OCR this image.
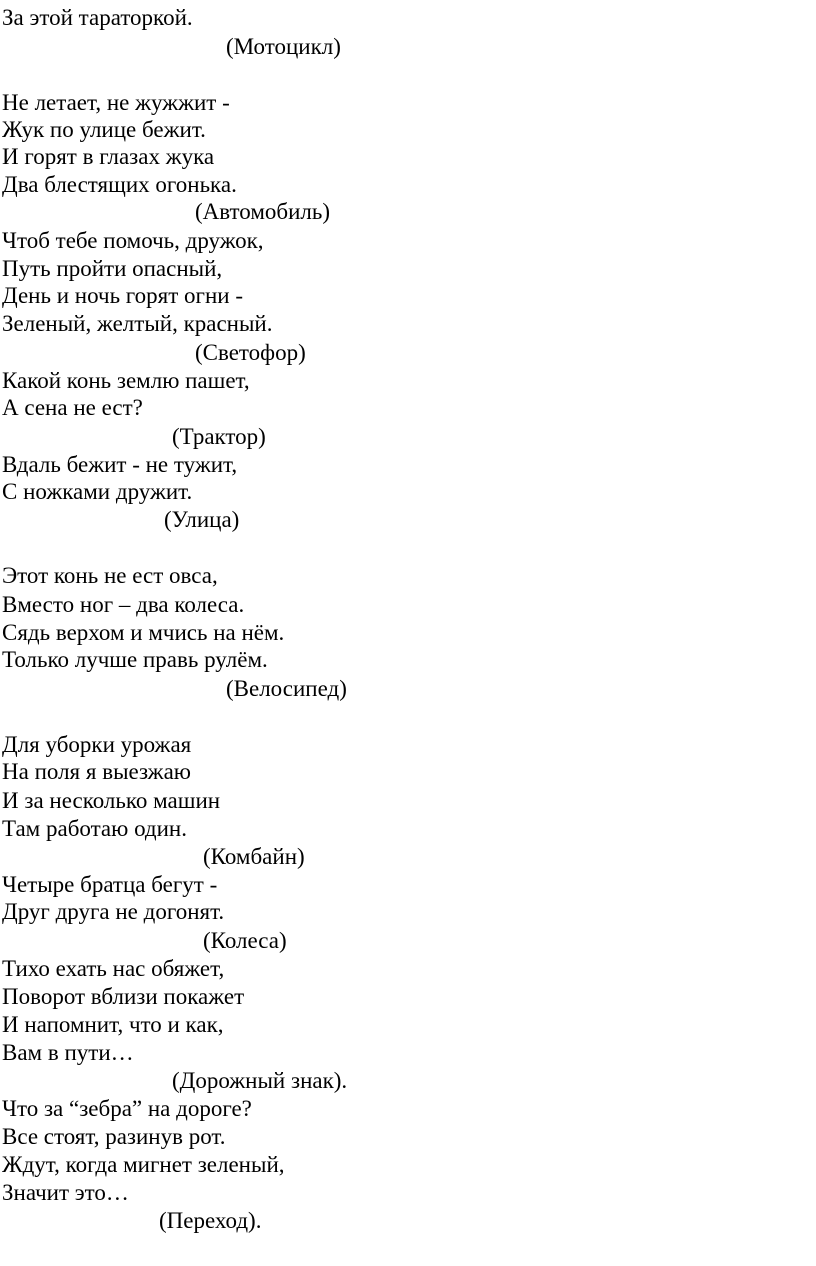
За этой тараторкой.
(Мотоцикл)
Не летает, не жужжит -
Жук по улице бежит.
И горят в глазах жука
Два блестящих огонька.
(Автомобиль)
Чтоб тебе помочь, дружок,
Путь пройти опасный,
День и ночь горят огни -
Зеленый, желтый, красный.
(Светофор)
Какой конь землю пашет,
А сена не ест?
(Трактор)
Вдаль бежит - не тужит,
С ножками дружит.
(Улица)
Этот конь не ест овса,
Вместо ног – два колеса.
Сядь верхом и мчись на нём.
Только лучше правь рулём.
(Велосипед)
Для уборки урожая
На поля я выезжаю
И за несколько машин
Там работаю один.
(Комбайн)
Четыре братца бегут -
Друг друга не догонят.
(Колеса)
Тихо ехать нас обяжет,
Поворот вблизи покажет
И напомнит, что и как,
Вам в пути…
(Дорожный знак).
Что за “зебра” на дороге?
Все стоят, разинув рот.
Ждут, когда мигнет зеленый,
Значит это…
(Переход).
